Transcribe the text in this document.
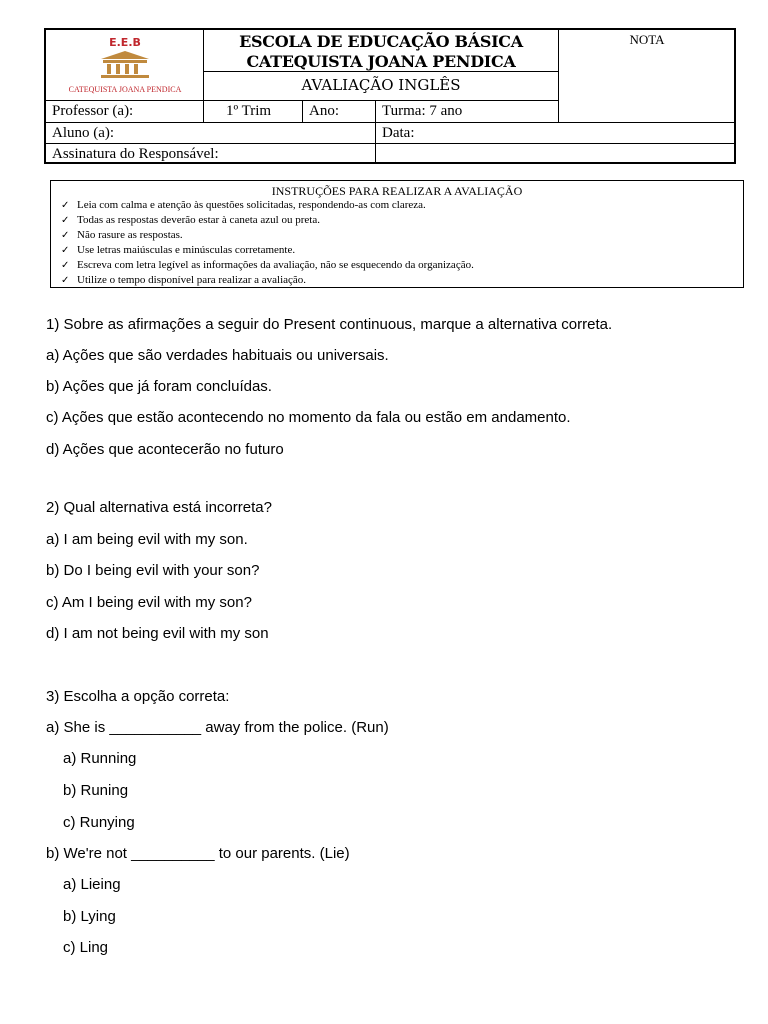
E.E.B
CATEQUISTA JOANA PENDICA
ESCOLA DE EDUCAÇÃO BÁSICA
CATEQUISTA JOANA PENDICA
AVALIAÇÃO INGLÊS
NOTA
Professor (a):	1º Trim	Ano:	Turma: 7 ano
Aluno (a):	Data:
Assinatura do Responsável:
INSTRUÇÕES PARA REALIZAR A AVALIAÇÃO
✓ Leia com calma e atenção às questões solicitadas, respondendo-as com clareza.
✓ Todas as respostas deverão estar à caneta azul ou preta.
✓ Não rasure as respostas.
✓ Use letras maiúsculas e minúsculas corretamente.
✓ Escreva com letra legível as informações da avaliação, não se esquecendo da organização.
✓ Utilize o tempo disponível para realizar a avaliação.
1) Sobre as afirmações a seguir do Present continuous, marque a alternativa correta.
a) Ações que são verdades habituais ou universais.
b) Ações que já foram concluídas.
c) Ações que estão acontecendo no momento da fala ou estão em andamento.
d) Ações que acontecerão no futuro
2) Qual alternativa está incorreta?
a) I am being evil with my son.
b) Do I being evil with your son?
c) Am I being evil with my son?
d) I am not being evil with my son
3) Escolha a opção correta:
a) She is ___________ away from the police. (Run)
a) Running
b) Runing
c) Runying
b) We're not __________ to our parents. (Lie)
a) Lieing
b) Lying
c) Ling
